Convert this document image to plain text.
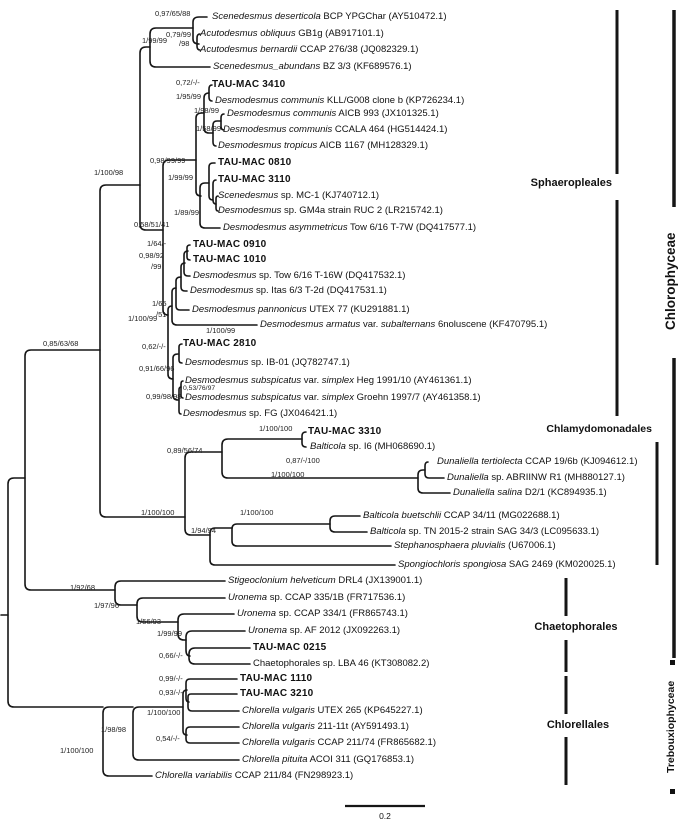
Scenedesmus deserticola BCP YPGChar (AY510472.1)
Acutodesmus obliquus GB1g (AB917101.1)
Acutodesmus bernardii CCAP 276/38 (JQ082329.1)
Scenedesmus_abundans BZ 3/3 (KF689576.1)
TAU-MAC 3410
Desmodesmus communis KLL/G008 clone b (KP726234.1)
Desmodesmus communis AICB 993 (JX101325.1)
Desmodesmus communis CCALA 464 (HG514424.1)
Desmodesmus tropicus AICB 1167 (MH128329.1)
TAU-MAC 0810
TAU-MAC 3110
Scenedesmus sp. MC-1 (KJ740712.1)
Desmodesmus sp. GM4a strain RUC 2 (LR215742.1)
Desmodesmus asymmetricus Tow 6/16 T-7W (DQ417577.1)
TAU-MAC 0910
TAU-MAC 1010
Desmodesmus sp. Tow 6/16 T-16W (DQ417532.1)
Desmodesmus sp. Itas 6/3 T-2d (DQ417531.1)
Desmodesmus pannonicus UTEX 77 (KU291881.1)
Desmodesmus armatus var. subalternans 6noluscene (KF470795.1)
TAU-MAC 2810
Desmodesmus sp. IB-01 (JQ782747.1)
Desmodesmus subspicatus var. simplex Heg 1991/10 (AY461361.1)
Desmodesmus subspicatus var. simplex Groehn 1997/7 (AY461358.1)
Desmodesmus sp. FG (JX046421.1)
TAU-MAC 3310
Balticola sp. I6 (MH068690.1)
Dunaliella tertiolecta CCAP 19/6b (KJ094612.1)
Dunaliella sp. ABRIINW R1 (MH880127.1)
Dunaliella salina D2/1 (KC894935.1)
Balticola buetschlii CCAP 34/11 (MG022688.1)
Balticola sp. TN 2015-2 strain SAG 34/3 (LC095633.1)
Stephanosphaera pluvialis (U67006.1)
Spongiochloris spongiosa SAG 2469 (KM020025.1)
Stigeoclonium helveticum DRL4 (JX139001.1)
Uronema sp. CCAP 335/1B (FR717536.1)
Uronema sp. CCAP 334/1 (FR865743.1)
Uronema sp. AF 2012 (JX092263.1)
TAU-MAC 0215
Chaetophorales sp. LBA 46 (KT308082.2)
TAU-MAC 1110
TAU-MAC 3210
Chlorella vulgaris UTEX 265 (KP645227.1)
Chlorella vulgaris 211-11t (AY591493.1)
Chlorella vulgaris CCAP 211/74 (FR865682.1)
Chlorella pituita ACOI 311 (GQ176853.1)
Chlorella variabilis CCAP 211/84 (FN298923.1)
0,97/65/88
1/99/99
0,79/99
/98
0,72/-/-
1/95/99
1/98/99
1/58/99
0,98/99/99
1/99/99
1/89/99
0,58/51/41
1/64/-
0,98/92
/99
1/65
/51
1/100/99
1/100/99
0,62/-/-
0,91/66/96
0,53/76/97
0,99/98/98
1/100/100
0,89/56/74
0,87/-/100
1/100/100
1/100/100	1/100/100
1/94/94
1/100/98
0,85/63/68
1/92/68
1/97/96
1/56/93
1/99/99
0,66/-/-
0,99/-/-
0,93/-/-
1/100/100
1/98/98
0,54/-/-
1/100/100
Sphaeropleales
Chlamydomonadales
Chaetophorales
Chlorellales
Chlorophyceae
Trebouxiophyceae
0.2
